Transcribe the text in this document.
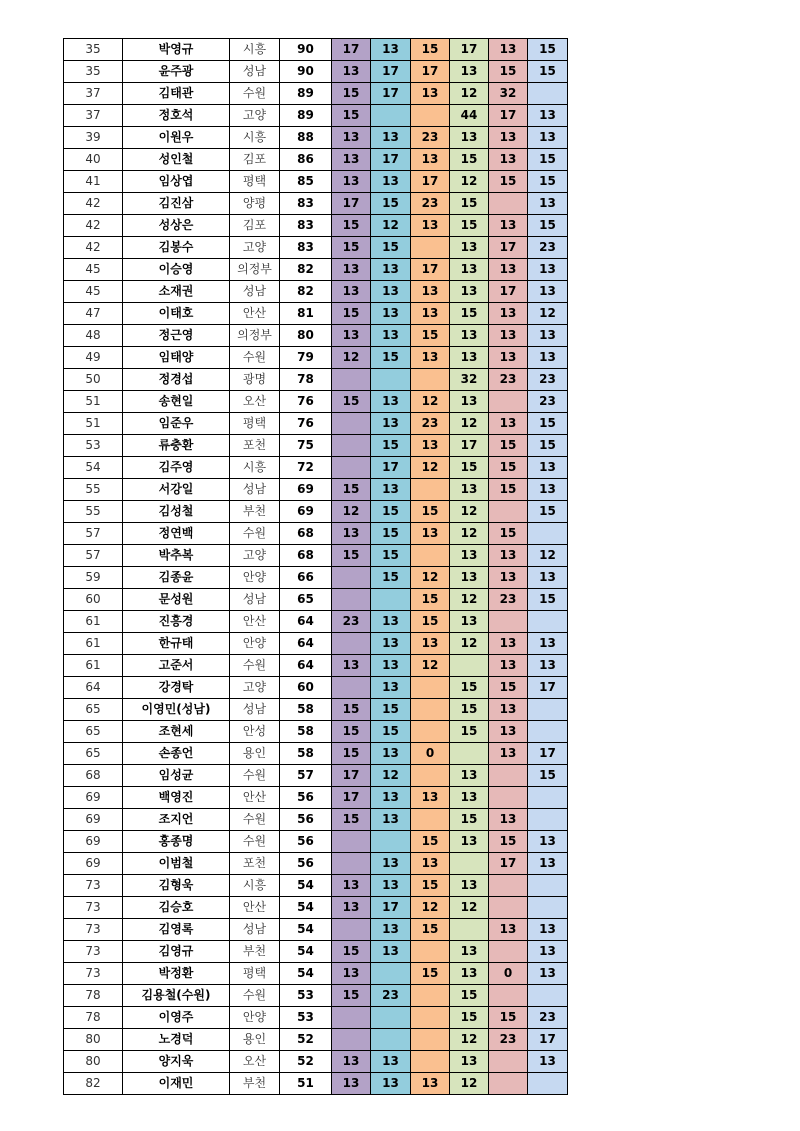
35	박영규	시흥	90	17	13	15	17	13	15
35	윤주광	성남	90	13	17	17	13	15	15
37	김태관	수원	89	15	17	13	12	32	
37	정호석	고양	89	15			44	17	13
39	이원우	시흥	88	13	13	23	13	13	13
40	성인철	김포	86	13	17	13	15	13	15
41	임상엽	평택	85	13	13	17	12	15	15
42	김진삼	양평	83	17	15	23	15		13
42	성상은	김포	83	15	12	13	15	13	15
42	김봉수	고양	83	15	15		13	17	23
45	이승영	의정부	82	13	13	17	13	13	13
45	소재권	성남	82	13	13	13	13	17	13
47	이태호	안산	81	15	13	13	15	13	12
48	정근영	의정부	80	13	13	15	13	13	13
49	임태양	수원	79	12	15	13	13	13	13
50	정경섭	광명	78				32	23	23
51	송현일	오산	76	15	13	12	13		23
51	임준우	평택	76		13	23	12	13	15
53	류충환	포천	75		15	13	17	15	15
54	김주영	시흥	72		17	12	15	15	13
55	서강일	성남	69	15	13		13	15	13
55	김성철	부천	69	12	15	15	12		15
57	정연백	수원	68	13	15	13	12	15	
57	박추복	고양	68	15	15		13	13	12
59	김종윤	안양	66		15	12	13	13	13
60	문성원	성남	65			15	12	23	15
61	진흥경	안산	64	23	13	15	13		
61	한규태	안양	64		13	13	12	13	13
61	고준서	수원	64	13	13	12		13	13
64	강경탁	고양	60		13		15	15	17
65	이영민(성남)	성남	58	15	15		15	13	
65	조현세	안성	58	15	15		15	13	
65	손종언	용인	58	15	13	0		13	17
68	임성균	수원	57	17	12		13		15
69	백영진	안산	56	17	13	13	13		
69	조지언	수원	56	15	13		15	13	
69	홍종명	수원	56			15	13	15	13
69	이범철	포천	56		13	13		17	13
73	김형욱	시흥	54	13	13	15	13		
73	김승호	안산	54	13	17	12	12		
73	김영록	성남	54		13	15		13	13
73	김영규	부천	54	15	13		13		13
73	박정환	평택	54	13		15	13	0	13
78	김용철(수원)	수원	53	15	23		15		
78	이영주	안양	53				15	15	23
80	노경덕	용인	52				12	23	17
80	양지욱	오산	52	13	13		13		13
82	이재민	부천	51	13	13	13	12		
